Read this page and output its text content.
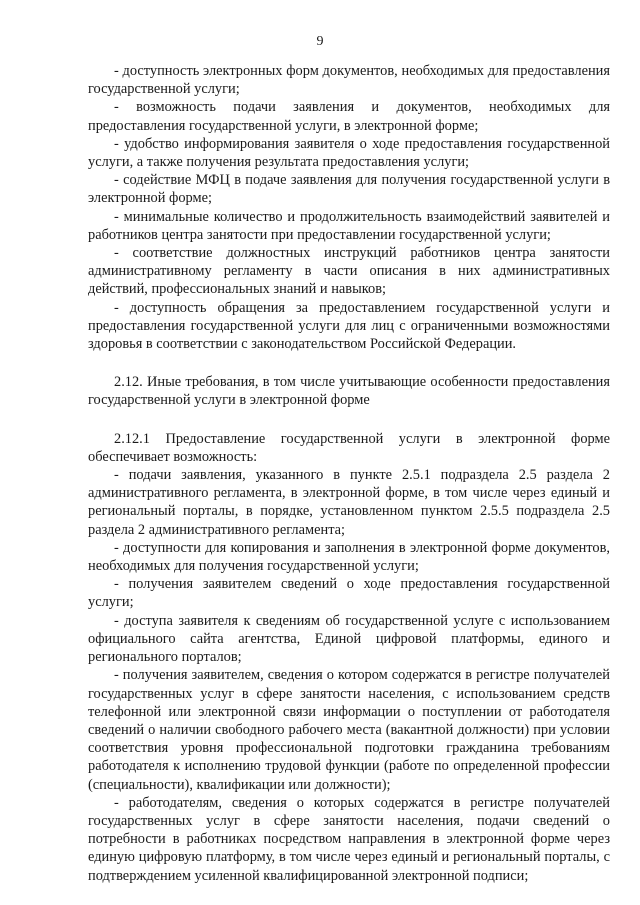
9

- доступность электронных форм документов, необходимых для предоставления государственной услуги;

- возможность подачи заявления и документов, необходимых для предоставления государственной услуги, в электронной форме;

- удобство информирования заявителя о ходе предоставления государственной услуги, а также получения результата предоставления услуги;

- содействие МФЦ в подаче заявления для получения государственной услуги в электронной форме;

- минимальные количество и продолжительность взаимодействий заявителей и работников центра занятости при предоставлении государственной услуги;

- соответствие должностных инструкций работников центра занятости административному регламенту в части описания в них административных действий, профессиональных знаний и навыков;

- доступность обращения за предоставлением государственной услуги и предоставления государственной услуги для лиц с ограниченными возможностями здоровья в соответствии с законодательством Российской Федерации.

2.12. Иные требования, в том числе учитывающие особенности предоставления государственной услуги в электронной форме

2.12.1 Предоставление государственной услуги в электронной форме обеспечивает возможность:

- подачи заявления, указанного в пункте 2.5.1 подраздела 2.5 раздела 2 административного регламента, в электронной форме, в том числе через единый и региональный порталы, в порядке, установленном пунктом 2.5.5 подраздела 2.5 раздела 2 административного регламента;

- доступности для копирования и заполнения в электронной форме документов, необходимых для получения государственной услуги;

- получения заявителем сведений о ходе предоставления государственной услуги;

- доступа заявителя к сведениям об государственной услуге с использованием официального сайта агентства, Единой цифровой платформы, единого и регионального порталов;

- получения заявителем, сведения о котором содержатся в регистре получателей государственных услуг в сфере занятости населения, с использованием средств телефонной или электронной связи информации о поступлении от работодателя сведений о наличии свободного рабочего места (вакантной должности) при условии соответствия уровня профессиональной подготовки гражданина требованиям работодателя к исполнению трудовой функции (работе по определенной профессии (специальности), квалификации или должности);

- работодателям, сведения о которых содержатся в регистре получателей государственных услуг в сфере занятости населения, подачи сведений о потребности в работниках посредством направления в электронной форме через единую цифровую платформу, в том числе через единый и региональный порталы, с подтверждением усиленной квалифицированной электронной подписи;
